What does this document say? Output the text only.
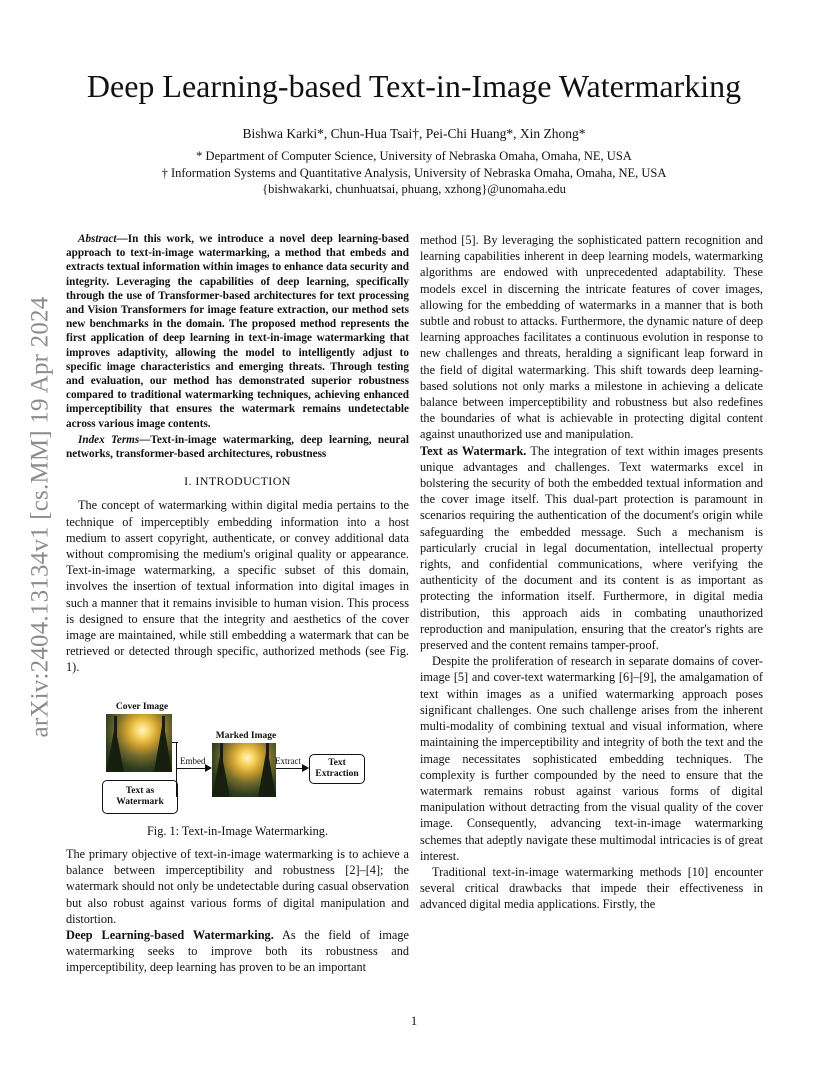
arXiv:2404.13134v1 [cs.MM] 19 Apr 2024
Deep Learning-based Text-in-Image Watermarking
Bishwa Karki*, Chun-Hua Tsai†, Pei-Chi Huang*, Xin Zhong*
* Department of Computer Science, University of Nebraska Omaha, Omaha, NE, USA
† Information Systems and Quantitative Analysis, University of Nebraska Omaha, Omaha, NE, USA
{bishwakarki, chunhuatsai, phuang, xzhong}@unomaha.edu

Abstract—In this work, we introduce a novel deep learning-based approach to text-in-image watermarking, a method that embeds and extracts textual information within images to enhance data security and integrity. Leveraging the capabilities of deep learning, specifically through the use of Transformer-based architectures for text processing and Vision Transformers for image feature extraction, our method sets new benchmarks in the domain. The proposed method represents the first application of deep learning in text-in-image watermarking that improves adaptivity, allowing the model to intelligently adjust to specific image characteristics and emerging threats. Through testing and evaluation, our method has demonstrated superior robustness compared to traditional watermarking techniques, achieving enhanced imperceptibility that ensures the watermark remains undetectable across various image contents.

Index Terms—Text-in-image watermarking, deep learning, neural networks, transformer-based architectures, robustness

I. INTRODUCTION

The concept of watermarking within digital media pertains to the technique of imperceptibly embedding information into a host medium to assert copyright, authenticate, or convey additional data without compromising the medium's original quality or appearance. Text-in-image watermarking, a specific subset of this domain, involves the insertion of textual information into digital images in such a manner that it remains invisible to human vision. This process is designed to ensure that the integrity and aesthetics of the cover image are maintained, while still embedding a watermark that can be retrieved or detected through specific, authorized methods (see Fig. 1).

Cover Image
Marked Image
Text as Watermark
Text Extraction
Embed	Extract
Fig. 1: Text-in-Image Watermarking.

The primary objective of text-in-image watermarking is to achieve a balance between imperceptibility and robustness [2]–[4]; the watermark should not only be undetectable during casual observation but also robust against various forms of digital manipulation and distortion.

Deep Learning-based Watermarking. As the field of image watermarking seeks to improve both its robustness and imperceptibility, deep learning has proven to be an important

method [5]. By leveraging the sophisticated pattern recognition and learning capabilities inherent in deep learning models, watermarking algorithms are endowed with unprecedented adaptability. These models excel in discerning the intricate features of cover images, allowing for the embedding of watermarks in a manner that is both subtle and robust to attacks. Furthermore, the dynamic nature of deep learning approaches facilitates a continuous evolution in response to new challenges and threats, heralding a significant leap forward in the field of digital watermarking. This shift towards deep learning-based solutions not only marks a milestone in achieving a delicate balance between imperceptibility and robustness but also redefines the boundaries of what is achievable in protecting digital content against unauthorized use and manipulation.

Text as Watermark. The integration of text within images presents unique advantages and challenges. Text watermarks excel in bolstering the security of both the embedded textual information and the cover image itself. This dual-part protection is paramount in scenarios requiring the authentication of the document's origin while safeguarding the embedded message. Such a mechanism is particularly crucial in legal documentation, intellectual property rights, and confidential communications, where verifying the authenticity of the document and its content is as important as protecting the information itself. Furthermore, in digital media distribution, this approach aids in combating unauthorized reproduction and manipulation, ensuring that the creator's rights are preserved and the content remains tamper-proof.

Despite the proliferation of research in separate domains of cover-image [5] and cover-text watermarking [6]–[9], the amalgamation of text within images as a unified watermarking approach poses significant challenges. One such challenge arises from the inherent multi-modality of combining textual and visual information, where maintaining the imperceptibility and integrity of both the text and the image necessitates sophisticated embedding techniques. The complexity is further compounded by the need to ensure that the watermark remains robust against various forms of digital manipulation without detracting from the visual quality of the cover image. Consequently, advancing text-in-image watermarking schemes that adeptly navigate these multimodal intricacies is of great interest.

Traditional text-in-image watermarking methods [10] encounter several critical drawbacks that impede their effectiveness in advanced digital media applications. Firstly, the

1
